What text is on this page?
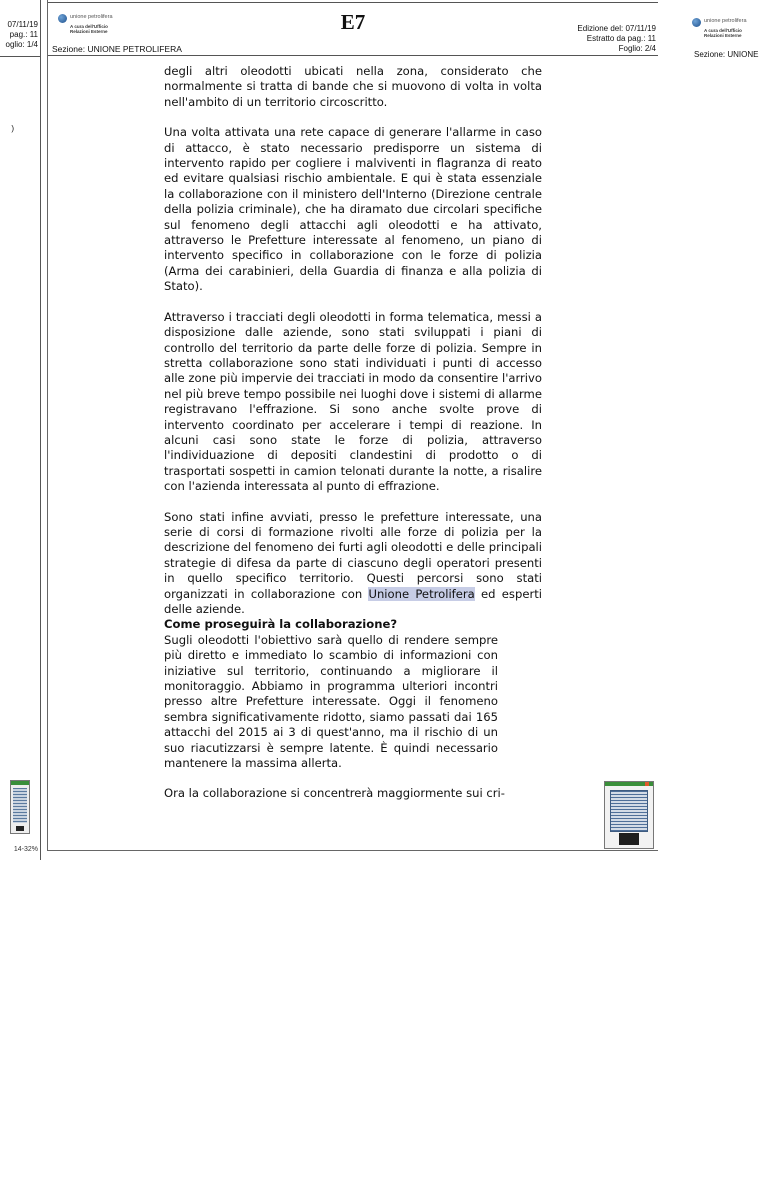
07/11/19
pag.: 11
oglio: 1/4
)
14-32%
unione petrolifera
A cura dell'Ufficio
Relazioni Esterne
Sezione: UNIONE
unione petrolifera
A cura dell'Ufficio
Relazioni Esterne	E7	Edizione del: 07/11/19
Estratto da pag.: 11
Foglio: 2/4
Sezione: UNIONE PETROLIFERA

degli altri oleodotti ubicati nella zona, considerato che normalmente si tratta di bande che si muovono di volta in volta nell'ambito di un territorio circoscritto.

Una volta attivata una rete capace di generare l'allarme in caso di attacco, è stato necessario predisporre un sistema di intervento rapido per cogliere i malviventi in flagranza di reato ed evitare qualsiasi rischio ambientale. E qui è stata essenziale la collaborazione con il ministero dell'Interno (Direzione centrale della polizia criminale), che ha diramato due circolari specifiche sul fenomeno degli attacchi agli oleodotti e ha attivato, attraverso le Prefetture interessate al fenomeno, un piano di intervento specifico in collaborazione con le forze di polizia (Arma dei carabinieri, della Guardia di finanza e alla polizia di Stato).

Attraverso i tracciati degli oleodotti in forma telematica, messi a disposizione dalle aziende, sono stati sviluppati i piani di controllo del territorio da parte delle forze di polizia. Sempre in stretta collaborazione sono stati individuati i punti di accesso alle zone più impervie dei tracciati in modo da consentire l'arrivo nel più breve tempo possibile nei luoghi dove i sistemi di allarme registravano l'effrazione. Si sono anche svolte prove di intervento coordinato per accelerare i tempi di reazione. In alcuni casi sono state le forze di polizia, attraverso l'individuazione di depositi clandestini di prodotto o di trasportati sospetti in camion telonati durante la notte, a risalire con l'azienda interessata al punto di effrazione.

Sono stati infine avviati, presso le prefetture interessate, una serie di corsi di formazione rivolti alle forze di polizia per la descrizione del fenomeno dei furti agli oleodotti e delle principali strategie di difesa da parte di ciascuno degli operatori presenti in quello specifico territorio. Questi percorsi sono stati organizzati in collaborazione con Unione Petrolifera ed esperti delle aziende.

Come proseguirà la collaborazione?

Sugli oleodotti l'obiettivo sarà quello di rendere sempre più diretto e immediato lo scambio di informazioni con iniziative sul territorio, continuando a migliorare il monitoraggio. Abbiamo in programma ulteriori incontri presso altre Prefetture interessate. Oggi il fenomeno sembra significativamente ridotto, siamo passati dai 165 attacchi del 2015 ai 3 di quest'anno, ma il rischio di un suo riacutizzarsi è sempre latente. È quindi necessario mantenere la massima allerta.

Ora la collaborazione si concentrerà maggiormente sui cri-
